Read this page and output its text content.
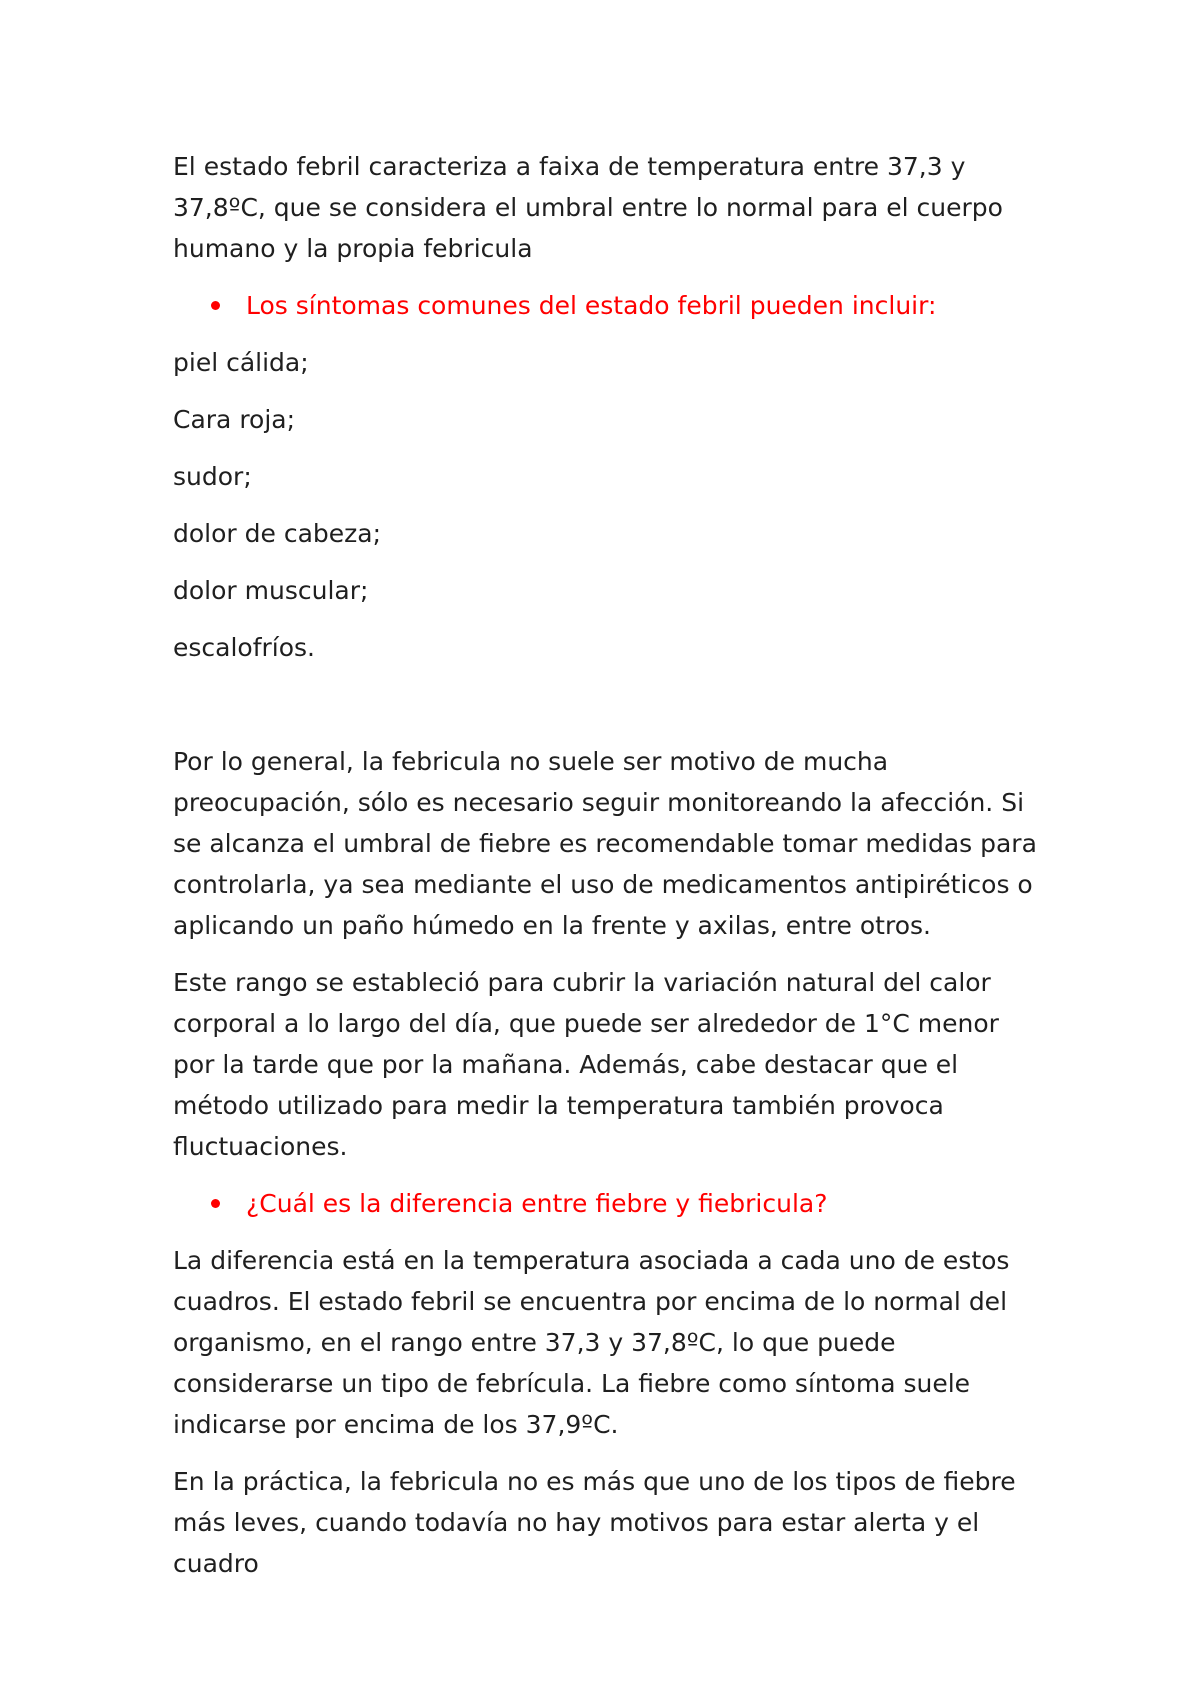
El estado febril caracteriza a faixa de temperatura entre 37,3 y 37,8ºC, que se considera el umbral entre lo normal para el cuerpo humano y la propia febricula

Los síntomas comunes del estado febril pueden incluir:

piel cálida;

Cara roja;

sudor;

dolor de cabeza;

dolor muscular;

escalofríos.

Por lo general, la febricula no suele ser motivo de mucha preocupación, sólo es necesario seguir monitoreando la afección. Si se alcanza el umbral de fiebre es recomendable tomar medidas para controlarla, ya sea mediante el uso de medicamentos antipiréticos o aplicando un paño húmedo en la frente y axilas, entre otros.

Este rango se estableció para cubrir la variación natural del calor corporal a lo largo del día, que puede ser alrededor de 1°C menor por la tarde que por la mañana. Además, cabe destacar que el método utilizado para medir la temperatura también provoca fluctuaciones.

¿Cuál es la diferencia entre fiebre y fiebricula?

La diferencia está en la temperatura asociada a cada uno de estos cuadros. El estado febril se encuentra por encima de lo normal del organismo, en el rango entre 37,3 y 37,8ºC, lo que puede considerarse un tipo de febrícula. La fiebre como síntoma suele indicarse por encima de los 37,9ºC.

En la práctica, la febricula no es más que uno de los tipos de fiebre más leves, cuando todavía no hay motivos para estar alerta y el cuadro
